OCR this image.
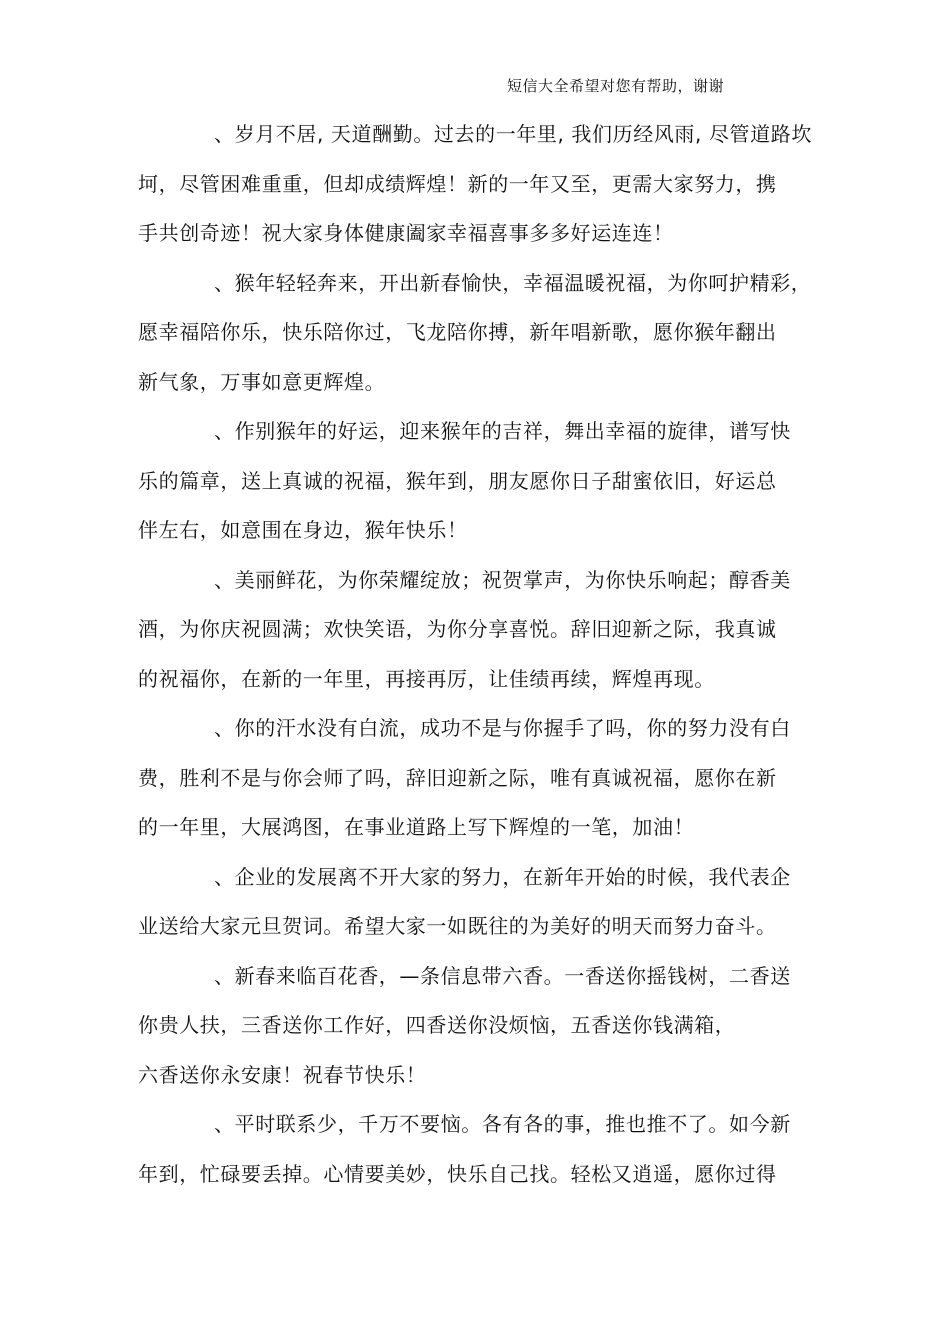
短信大全希望对您有帮助，谢谢

、岁月不居, 天道酬勤。过去的一年里, 我们历经风雨, 尽管道路坎
坷，尽管困难重重，但却成绩辉煌！新的一年又至，更需大家努力，携
手共创奇迹！祝大家身体健康阖家幸福喜事多多好运连连！

、猴年轻轻奔来，开出新春愉快，幸福温暖祝福，为你呵护精彩，
愿幸福陪你乐，快乐陪你过，飞龙陪你搏，新年唱新歌，愿你猴年翻出
新气象，万事如意更辉煌。

、作别猴年的好运，迎来猴年的吉祥，舞出幸福的旋律，谱写快
乐的篇章，送上真诚的祝福，猴年到，朋友愿你日子甜蜜依旧，好运总
伴左右，如意围在身边，猴年快乐！

、美丽鲜花，为你荣耀绽放；祝贺掌声，为你快乐响起；醇香美
酒，为你庆祝圆满；欢快笑语，为你分享喜悦。辞旧迎新之际，我真诚
的祝福你，在新的一年里，再接再厉，让佳绩再续，辉煌再现。

、你的汗水没有白流，成功不是与你握手了吗，你的努力没有白
费，胜利不是与你会师了吗，辞旧迎新之际，唯有真诚祝福，愿你在新
的一年里，大展鸿图，在事业道路上写下辉煌的一笔，加油！

、企业的发展离不开大家的努力，在新年开始的时候，我代表企
业送给大家元旦贺词。希望大家一如既往的为美好的明天而努力奋斗。

、新春来临百花香，—条信息带六香。一香送你摇钱树，二香送
你贵人扶，三香送你工作好，四香送你没烦恼，五香送你钱满箱，
六香送你永安康！祝春节快乐！

、平时联系少，千万不要恼。各有各的事，推也推不了。如今新
年到，忙碌要丢掉。心情要美妙，快乐自己找。轻松又逍遥，愿你过得
